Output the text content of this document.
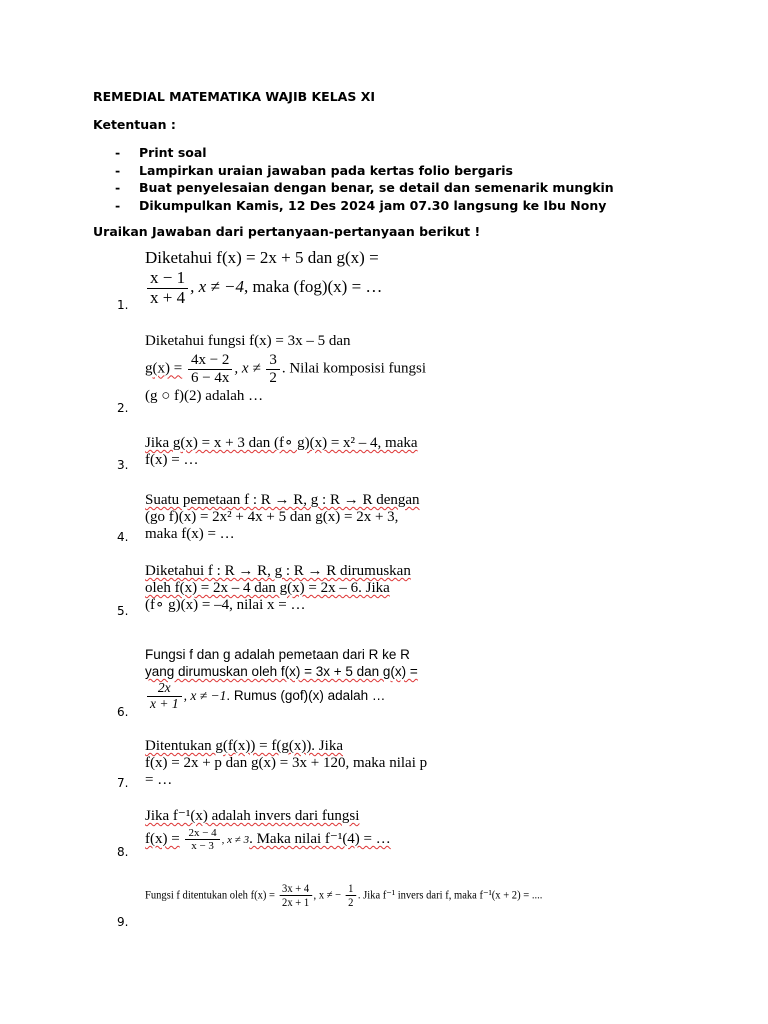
REMEDIAL MATEMATIKA WAJIB KELAS XI
Ketentuan :
- Print soal
- Lampirkan uraian jawaban pada kertas folio bergaris
- Buat penyelesaian dengan benar, se detail dan semenarik mungkin
- Dikumpulkan Kamis, 12 Des 2024 jam 07.30 langsung ke Ibu Nony
Uraikan Jawaban dari pertanyaan-pertanyaan berikut !
1.
Diketahui f(x) = 2x + 5 dan g(x) =
$\frac{x - 1}{x + 4}$ , x ≠ −4, maka (fog)(x) = …
2.
Diketahui fungsi f(x) = 3x – 5 dan
$g(x) = \frac{4x - 2}{6 - 4x}$ , $x \ne \frac{3}{2}$ . Nilai komposisi fungsi
(g ○ f)(2) adalah …
3.
Jika g(x) = x + 3 dan (f∘ g)(x) = x² – 4, maka
f(x) = …
4.
Suatu pemetaan f : R → R, g : R → R dengan
(go f)(x) = 2x² + 4x + 5 dan g(x) = 2x + 3,
maka f(x) = …
5.
Diketahui f : R → R, g : R → R dirumuskan
oleh f(x) = 2x – 4 dan g(x) = 2x – 6. Jika
(f∘ g)(x) = –4, nilai x = …
6.
Fungsi f dan g adalah pemetaan dari R ke R
yang dirumuskan oleh f(x) = 3x + 5 dan g(x) =
$\frac{2x}{x + 1}$ , x ≠ −1. Rumus (gof)(x) adalah …
7.
Ditentukan g(f(x)) = f(g(x)). Jika
f(x) = 2x + p dan g(x) = 3x + 120, maka nilai p
= …
8.
Jika f⁻¹(x) adalah invers dari fungsi
$f(x) = \frac{2x - 4}{x - 3}$ , x ≠ 3. Maka nilai f⁻¹(4) = …
9.
Fungsi f ditentukan oleh $f(x) = \frac{3x + 4}{2x + 1}$ , x ≠ − $\frac{1}{2}$ . Jika f⁻¹ invers dari f, maka f⁻¹(x + 2) = ....
